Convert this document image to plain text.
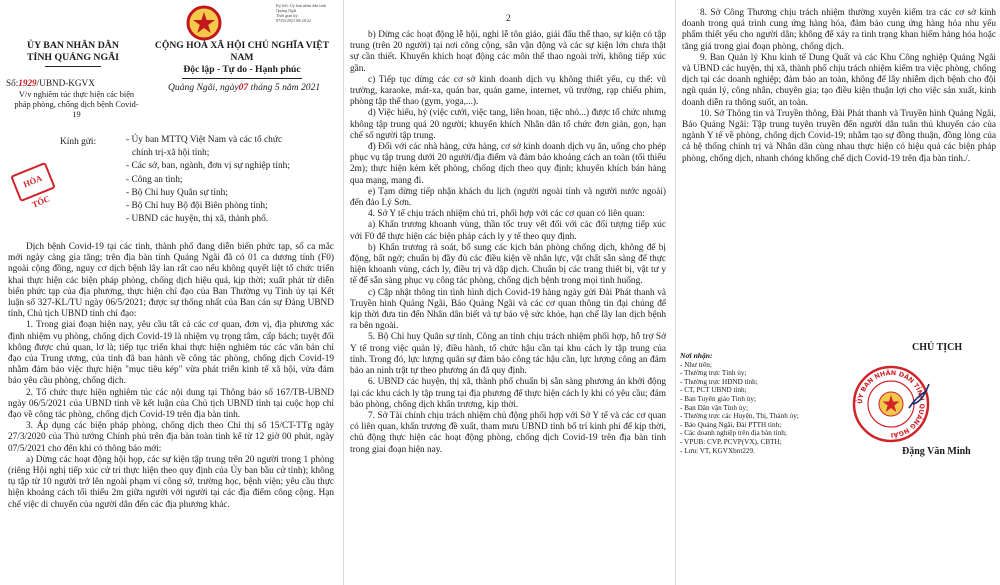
Ký bởi: Ủy ban nhân dân tỉnh Quảng Ngãi
Thời gian ký:
07/05/2021 08:28:22
ỦY BAN NHÂN DÂN
TỈNH QUẢNG NGÃI
CỘNG HOÀ XÃ HỘI CHỦ NGHĨA VIỆT NAM
Độc lập - Tự do - Hạnh phúc
Số:1929/UBND-KGVX
V/v nghiêm túc thực hiện các biện pháp phòng, chống dịch bệnh Covid-19
Quảng Ngãi, ngày07 tháng 5 năm 2021
Kính gửi:	- Ủy ban MTTQ Việt Nam và các tổ chức
chính trị-xã hội tỉnh;
- Các sở, ban, ngành, đơn vị sự nghiệp tỉnh;
- Công an tỉnh;
- Bộ Chỉ huy Quân sự tỉnh;
- Bộ Chỉ huy Bộ đội Biên phòng tỉnh;
- UBND các huyện, thị xã, thành phố.
HỎA TỐC

Dịch bệnh Covid-19 tại các tỉnh, thành phố đang diễn biến phức tạp, số ca mắc mới ngày càng gia tăng; trên địa bàn tỉnh Quảng Ngãi đã có 01 ca dương tính (F0) ngoài cộng đồng, nguy cơ dịch bệnh lây lan rất cao nếu không quyết liệt tổ chức triển khai thực hiện các biện pháp phòng, chống dịch hiệu quả, kịp thời; xuất phát từ diễn biến phức tạp của địa phương, thực hiện chỉ đạo của Ban Thường vụ Tỉnh ủy tại Kết luận số 327-KL/TU ngày 06/5/2021; được sự thống nhất của Ban cán sự Đảng UBND tỉnh, Chủ tịch UBND tỉnh chỉ đạo:

1. Trong giai đoạn hiện nay, yêu cầu tất cả các cơ quan, đơn vị, địa phương xác định nhiệm vụ phòng, chống dịch Covid-19 là nhiệm vụ trọng tâm, cấp bách; tuyệt đối không được chủ quan, lơ là; tiếp tục triển khai thực hiện nghiêm túc các văn bản chỉ đạo của Trung ương, của tỉnh đã ban hành về công tác phòng, chống dịch Covid-19 nhằm đảm bảo việc thực hiện "mục tiêu kép" vừa phát triển kinh tế xã hội, vừa đảm bảo yêu cầu phòng, chống dịch.

2. Tổ chức thực hiện nghiêm túc các nội dung tại Thông báo số 167/TB-UBND ngày 06/5/2021 của UBND tỉnh về kết luận của Chủ tịch UBND tỉnh tại cuộc họp chỉ đạo về công tác phòng, chống dịch Covid-19 trên địa bàn tỉnh.

3. Áp dụng các biện pháp phòng, chống dịch theo Chỉ thị số 15/CT-TTg ngày 27/3/2020 của Thủ tướng Chính phủ trên địa bàn toàn tỉnh kể từ 12 giờ 00 phút, ngày 07/5/2021 cho đến khi có thông báo mới:

a) Dừng các hoạt động hội họp, các sự kiện tập trung trên 20 người trong 1 phòng (riêng Hội nghị tiếp xúc cử tri thực hiện theo quy định của Ủy ban bầu cử tỉnh); không tụ tập từ 10 người trở lên ngoài phạm vi công sở, trường học, bệnh viện; yêu cầu thực hiện khoảng cách tối thiểu 2m giữa người với người tại các địa điểm công cộng. Hạn chế việc di chuyển của người dân đến các địa phương khác.

2

b) Dừng các hoạt động lễ hội, nghi lễ tôn giáo, giải đấu thể thao, sự kiện có tập trung (trên 20 người) tại nơi công cộng, sân vận động và các sự kiện lớn chưa thật sự cần thiết. Khuyến khích hoạt động các môn thể thao ngoài trời, không tiếp xúc gần.

c) Tiếp tục dừng các cơ sở kinh doanh dịch vụ không thiết yếu, cụ thể: vũ trường, karaoke, mát-xa, quán bar, quán game, internet, vũ trường, rạp chiếu phim, phòng tập thể thao (gym, yoga,...).

d) Việc hiếu, hỷ (việc cưới, việc tang, liên hoan, tiệc nhỏ...) được tổ chức nhưng không tập trung quá 20 người; khuyến khích Nhân dân tổ chức đơn giản, gọn, hạn chế số người tập trung.

đ) Đối với các nhà hàng, cửa hàng, cơ sở kinh doanh dịch vụ ăn, uống cho phép phục vụ tập trung dưới 20 người/địa điểm và đảm bảo khoảng cách an toàn (tối thiểu 2m); thực hiện kẻm kết phòng, chống dịch theo quy định; khuyến khích bán hàng qua mạng, mang đi.

e) Tạm dừng tiếp nhận khách du lịch (người ngoài tỉnh và người nước ngoài) đến đảo Lý Sơn.

4. Sở Y tế chịu trách nhiệm chủ trì, phối hợp với các cơ quan có liên quan:

a) Khẩn trương khoanh vùng, thần tốc truy vết đối với các đối tượng tiếp xúc với F0 để thực hiện các biện pháp cách ly y tế theo quy định.

b) Khẩn trương rà soát, bổ sung các kịch bản phòng chống dịch, không để bị động, bất ngờ; chuẩn bị đầy đủ các điều kiện về nhân lực, vật chất sẵn sàng để thực hiện khoanh vùng, cách ly, điều trị và dập dịch. Chuẩn bị các trang thiết bị, vật tư y tế để sẵn sàng phục vụ công tác phòng, chống dịch bệnh trong mọi tình huống.

c) Cập nhật thông tin tình hình dịch Covid-19 hàng ngày gửi Đài Phát thanh và Truyền hình Quảng Ngãi, Báo Quảng Ngãi và các cơ quan thông tin đại chúng để kịp thời đưa tin đến Nhân dân biết và tự bảo vệ sức khỏe, hạn chế lây lan dịch bệnh ra bên ngoài.

5. Bộ Chỉ huy Quân sự tỉnh, Công an tỉnh chịu trách nhiệm phối hợp, hỗ trợ Sở Y tế trong việc quản lý, điều hành, tổ chức hậu cần tại khu cách ly tập trung của tỉnh. Trong đó, lực lượng quân sự đảm bảo công tác hậu cần, lực lượng công an đảm bảo an ninh trật tự theo phương án đã quy định.

6. UBND các huyện, thị xã, thành phố chuẩn bị sẵn sàng phương án khởi động lại các khu cách ly tập trung tại địa phương để thực hiện cách ly khi có yêu cầu; đảm bảo phòng, chống dịch khẩn trương, kịp thời.

7. Sở Tài chính chịu trách nhiệm chủ động phối hợp với Sở Y tế và các cơ quan có liên quan, khẩn trương đề xuất, tham mưu UBND tỉnh bố trí kinh phí để kịp thời, chủ động thực hiện các hoạt động phòng, chống dịch Covid-19 trên địa bàn tỉnh trong giai đoạn hiện nay.

8. Sở Công Thương chịu trách nhiệm thường xuyên kiểm tra các cơ sở kinh doanh trong quá trình cung ứng hàng hóa, đảm bảo cung ứng hàng hóa nhu yếu phẩm thiết yếu cho người dân; không để xảy ra tình trạng khan hiếm hàng hóa hoặc tăng giá trong giai đoạn phòng, chống dịch.

9. Ban Quản lý Khu kinh tế Dung Quất và các Khu Công nghiệp Quảng Ngãi và UBND các huyện, thị xã, thành phố chịu trách nhiệm kiểm tra việc phòng, chống dịch tại các doanh nghiệp; đảm bảo an toàn, không để lây nhiễm dịch bệnh cho đội ngũ quản lý, công nhân, chuyên gia; tạo điều kiện thuận lợi cho việc sản xuất, kinh doanh diễn ra thông suốt, an toàn.

10. Sở Thông tin và Truyền thông, Đài Phát thanh và Truyền hình Quảng Ngãi, Báo Quảng Ngãi: Tập trung tuyên truyền đến người dân tuân thủ khuyến cáo của ngành Y tế về phòng, chống dịch Covid-19; nhằm tạo sự đồng thuận, đồng lòng của cả hệ thống chính trị và Nhân dân cùng nhau thực hiện có hiệu quả các biện pháp phòng, chống dịch, nhanh chóng khống chế dịch Covid-19 trên địa bàn tỉnh./.

Nơi nhận:
- Như trên;
- Thường trực Tỉnh ủy;
- Thường trực HĐND tỉnh;
- CT, PCT UBND tỉnh;
- Ban Tuyên giáo Tỉnh ủy;
- Ban Dân vận Tỉnh ủy;
- Thường trực các Huyện, Thị, Thành ủy;
- Báo Quảng Ngãi, Đài PTTH tỉnh;
- Các doanh nghiệp trên địa bàn tỉnh;
- VPUB: CVP, PCVP(VX), CBTH;
- Lưu: VT, KGVXbnt229.
CHỦ TỊCH
ỦY BAN NHÂN DÂN TỈNH QUẢNG NGÃI
Đặng Văn Minh
